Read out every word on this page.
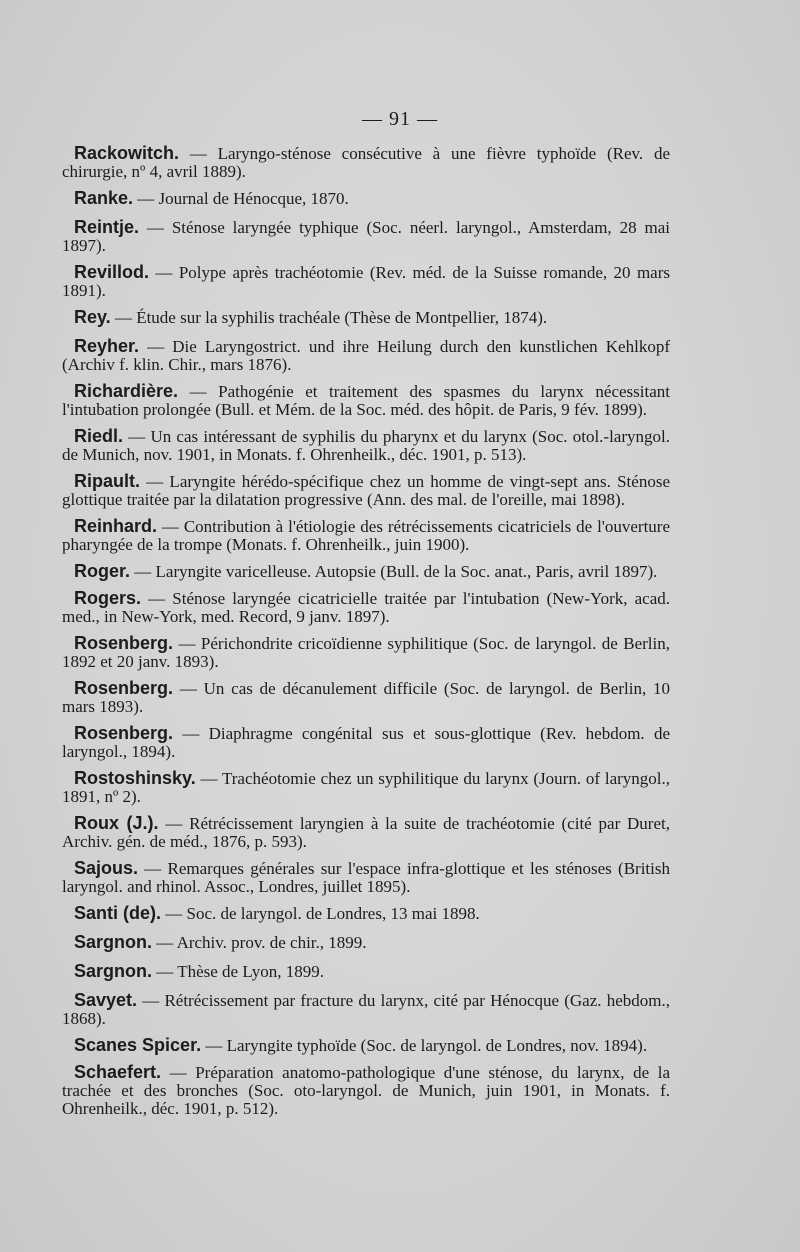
— 91 —
Rackowitch. — Laryngo-sténose consécutive à une fièvre typhoïde (Rev. de chirurgie, nº 4, avril 1889).
Ranke. — Journal de Hénocque, 1870.
Reintje. — Sténose laryngée typhique (Soc. néerl. laryngol., Amsterdam, 28 mai 1897).
Revillod. — Polype après trachéotomie (Rev. méd. de la Suisse romande, 20 mars 1891).
Rey. — Étude sur la syphilis trachéale (Thèse de Montpellier, 1874).
Reyher. — Die Laryngostrict. und ihre Heilung durch den kunstlichen Kehlkopf (Archiv f. klin. Chir., mars 1876).
Richardière. — Pathogénie et traitement des spasmes du larynx nécessitant l'intubation prolongée (Bull. et Mém. de la Soc. méd. des hôpit. de Paris, 9 fév. 1899).
Riedl. — Un cas intéressant de syphilis du pharynx et du larynx (Soc. otol.-laryngol. de Munich, nov. 1901, in Monats. f. Ohrenheilk., déc. 1901, p. 513).
Ripault. — Laryngite hérédo-spécifique chez un homme de vingt-sept ans. Sténose glottique traitée par la dilatation progressive (Ann. des mal. de l'oreille, mai 1898).
Reinhard. — Contribution à l'étiologie des rétrécissements cicatriciels de l'ouverture pharyngée de la trompe (Monats. f. Ohrenheilk., juin 1900).
Roger. — Laryngite varicelleuse. Autopsie (Bull. de la Soc. anat., Paris, avril 1897).
Rogers. — Sténose laryngée cicatricielle traitée par l'intubation (New-York, acad. med., in New-York, med. Record, 9 janv. 1897).
Rosenberg. — Périchondrite cricoïdienne syphilitique (Soc. de laryngol. de Berlin, 1892 et 20 janv. 1893).
Rosenberg. — Un cas de décanulement difficile (Soc. de laryngol. de Berlin, 10 mars 1893).
Rosenberg. — Diaphragme congénital sus et sous-glottique (Rev. hebdom. de laryngol., 1894).
Rostoshinsky. — Trachéotomie chez un syphilitique du larynx (Journ. of laryngol., 1891, nº 2).
Roux (J.). — Rétrécissement laryngien à la suite de trachéotomie (cité par Duret, Archiv. gén. de méd., 1876, p. 593).
Sajous. — Remarques générales sur l'espace infra-glottique et les sténoses (British laryngol. and rhinol. Assoc., Londres, juillet 1895).
Santi (de). — Soc. de laryngol. de Londres, 13 mai 1898.
Sargnon. — Archiv. prov. de chir., 1899.
Sargnon. — Thèse de Lyon, 1899.
Savyet. — Rétrécissement par fracture du larynx, cité par Hénocque (Gaz. hebdom., 1868).
Scanes Spicer. — Laryngite typhoïde (Soc. de laryngol. de Londres, nov. 1894).
Schaefert. — Préparation anatomo-pathologique d'une sténose, du larynx, de la trachée et des bronches (Soc. oto-laryngol. de Munich, juin 1901, in Monats. f. Ohrenheilk., déc. 1901, p. 512).
